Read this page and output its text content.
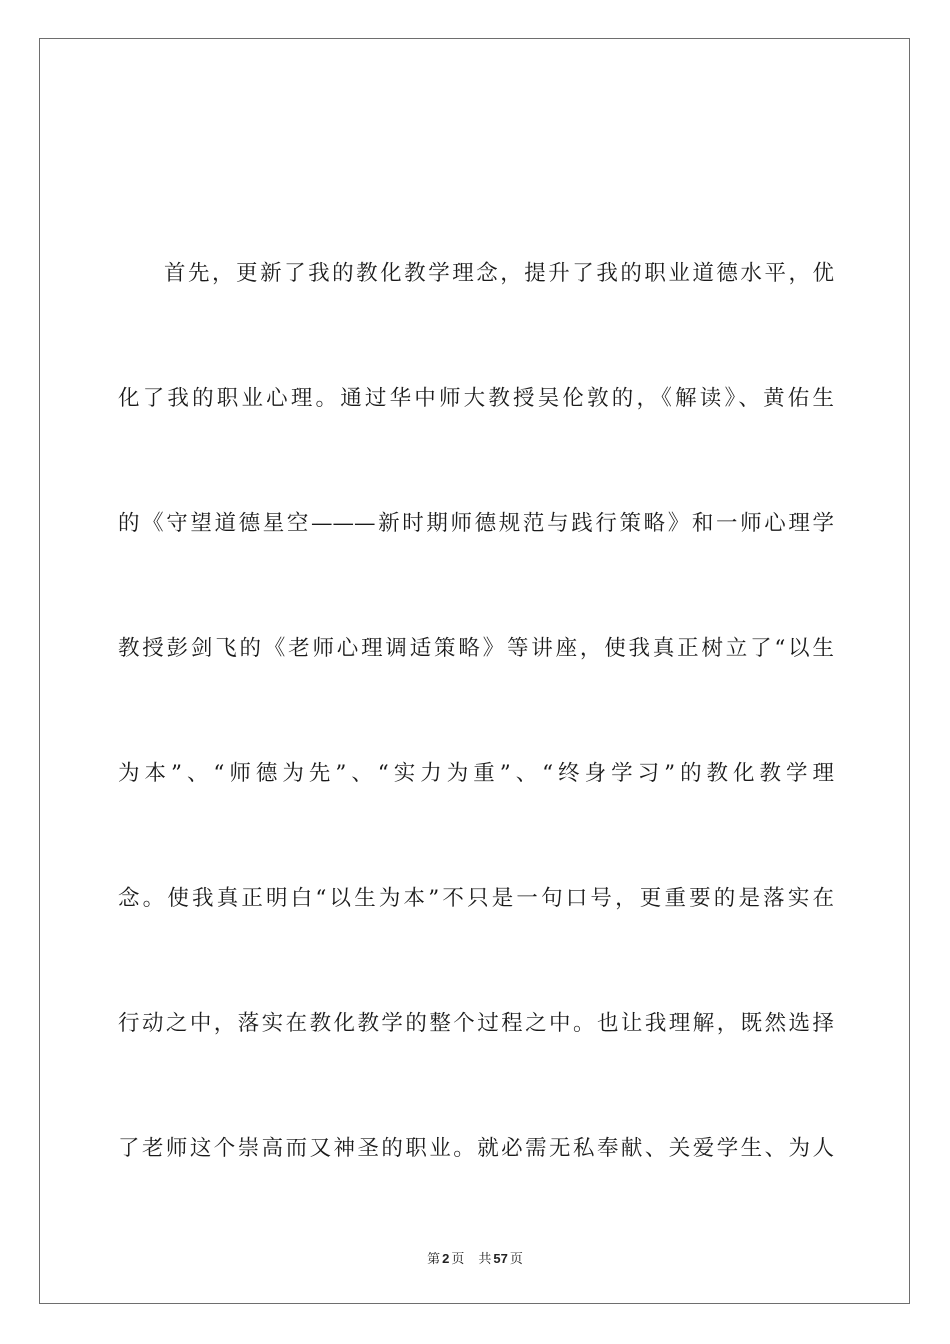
首先，更新了我的教化教学理念，提升了我的职业道德水平，优
化了我的职业心理。通过华中师大教授吴伦敦的，《解读》、黄佑生
的《守望道德星空———新时期师德规范与践行策略》和一师心理学
教授彭剑飞的《老师心理调适策略》等讲座，使我真正树立了“以生
为本”、“师德为先”、“实力为重”、“终身学习”的教化教学理
念。使我真正明白“以生为本”不只是一句口号，更重要的是落实在
行动之中，落实在教化教学的整个过程之中。也让我理解，既然选择
了老师这个崇高而又神圣的职业。就必需无私奉献、关爱学生、为人
第 2 页 共 57 页
